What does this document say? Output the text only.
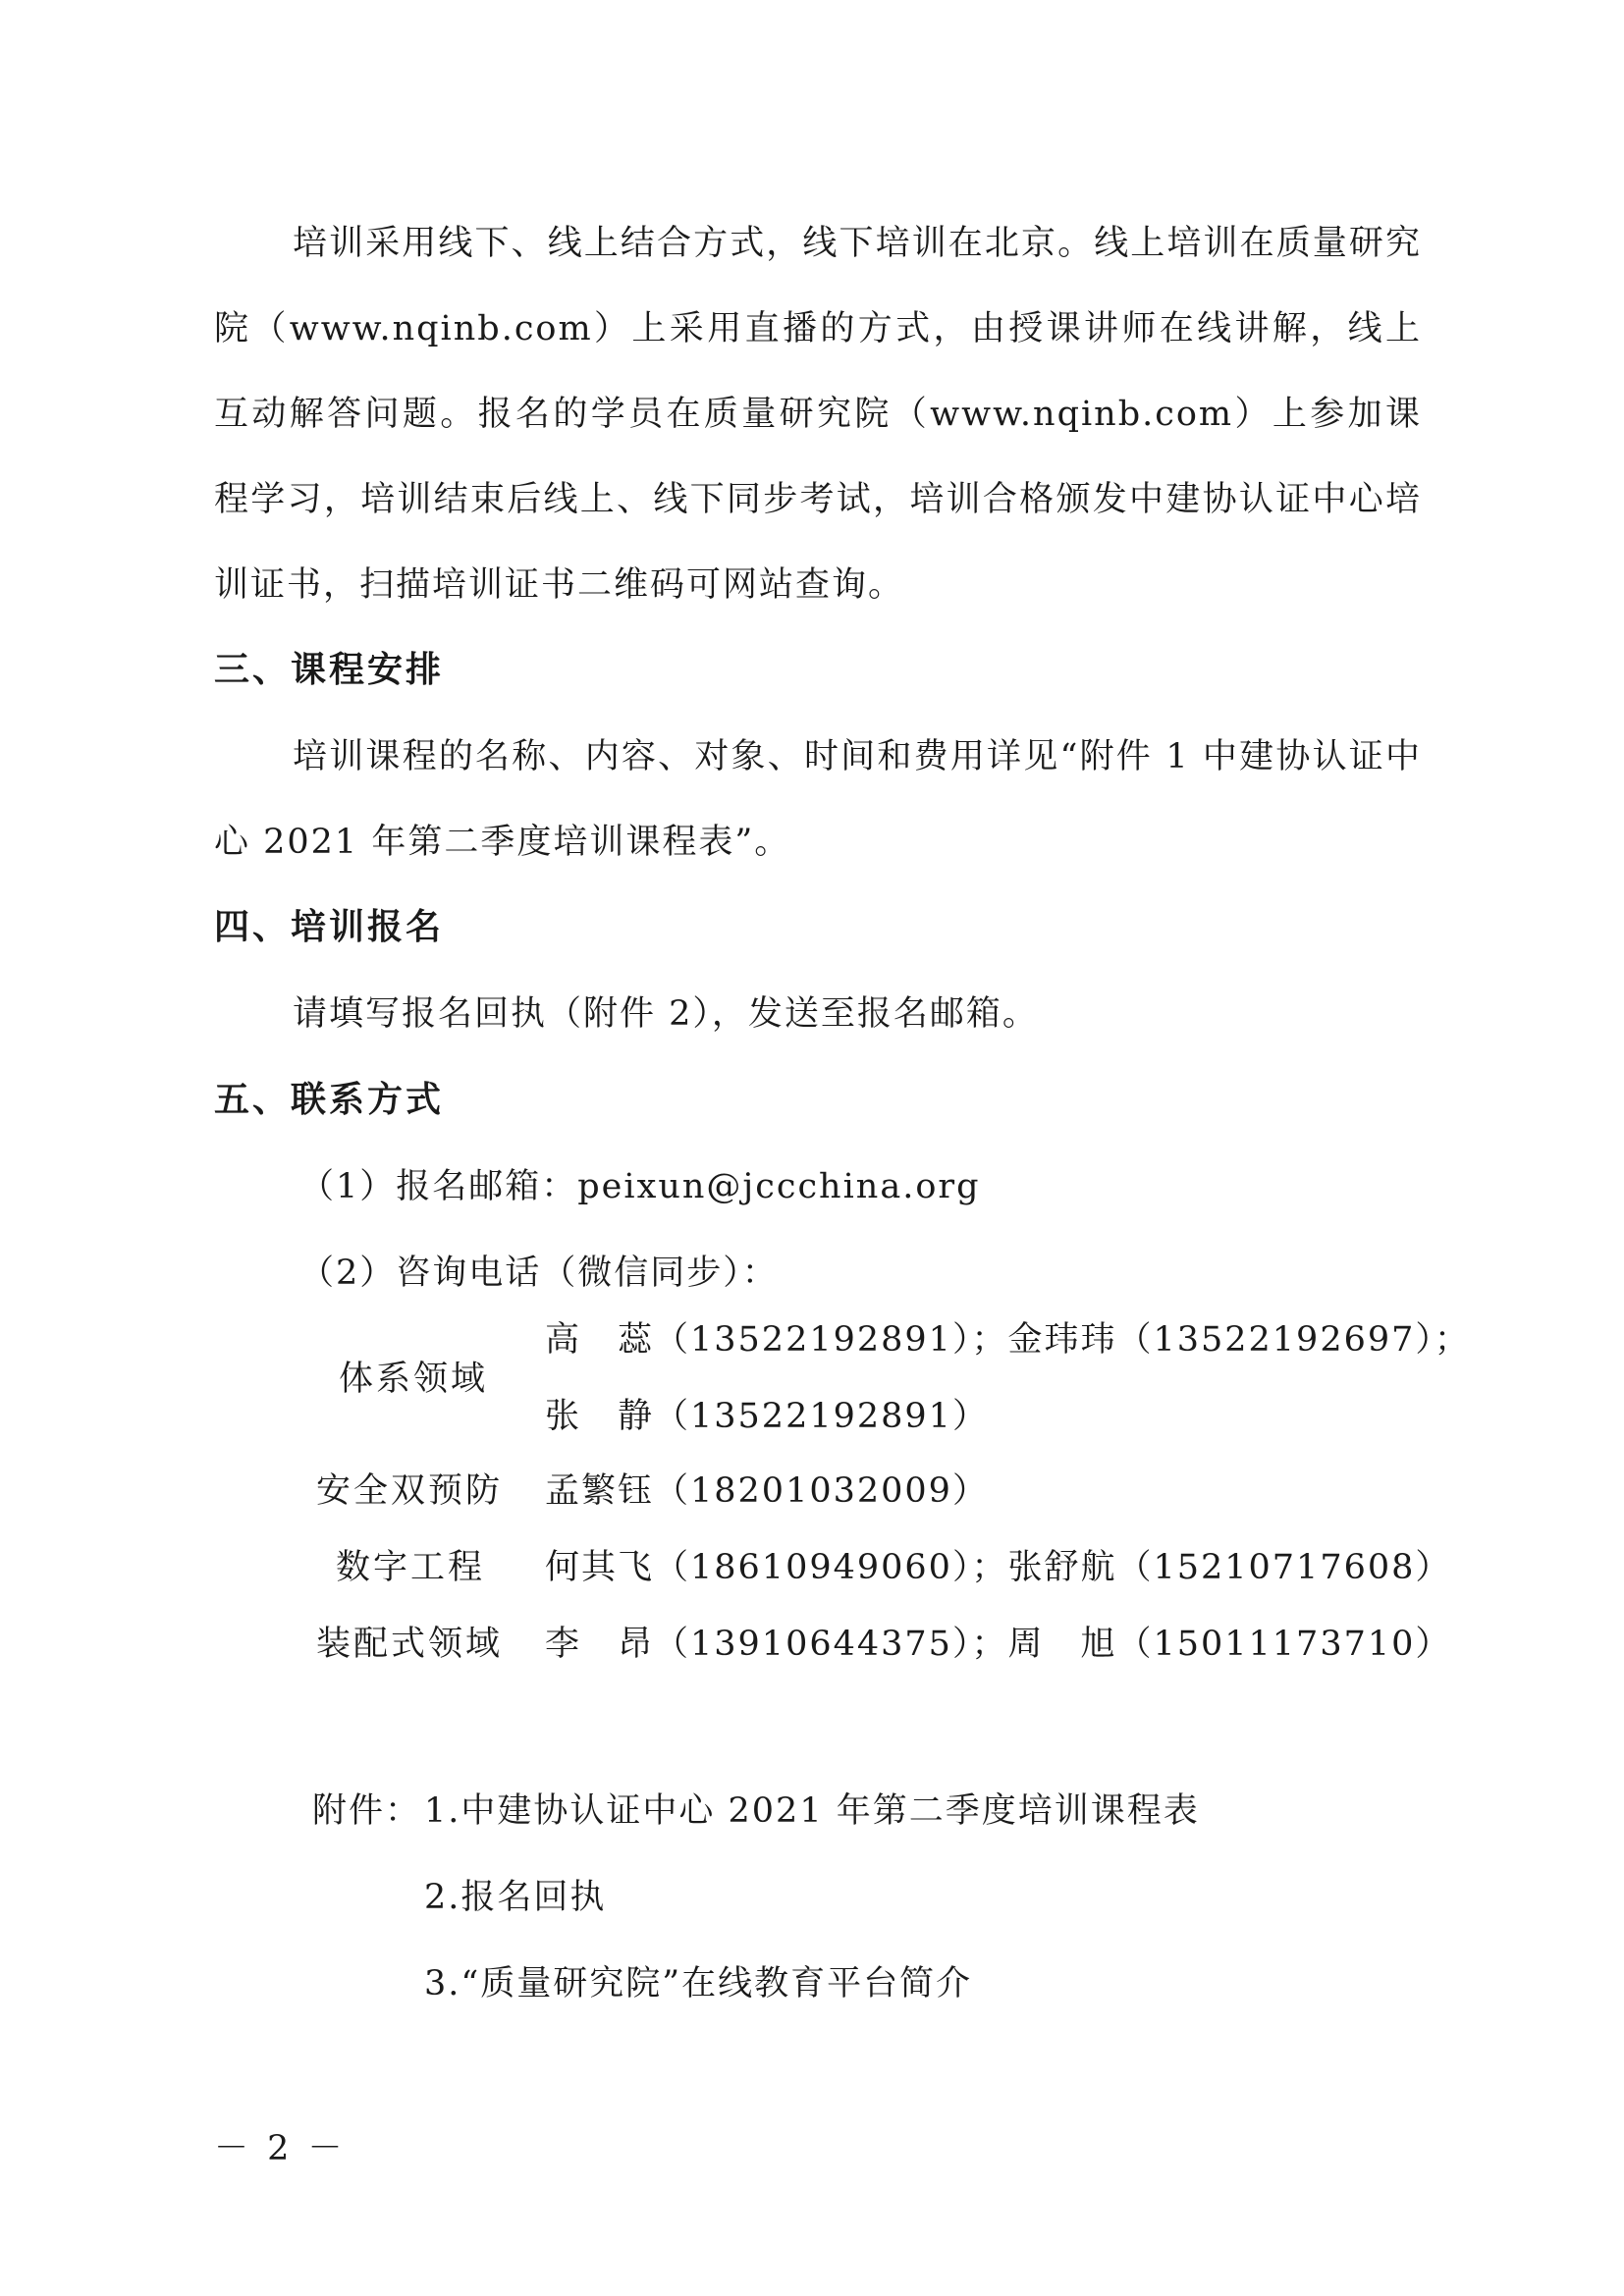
培训采用线下、线上结合方式，线下培训在北京。线上培训在质量研究院（www.nqinb.com）上采用直播的方式，由授课讲师在线讲解，线上互动解答问题。报名的学员在质量研究院（www.nqinb.com）上参加课程学习，培训结束后线上、线下同步考试，培训合格颁发中建协认证中心培训证书，扫描培训证书二维码可网站查询。

三、课程安排

培训课程的名称、内容、对象、时间和费用详见“附件 1 中建协认证中心 2021 年第二季度培训课程表”。

四、培训报名
请填写报名回执（附件 2），发送至报名邮箱。
五、联系方式
（1）报名邮箱：peixun@jccchina.org
（2）咨询电话（微信同步）：
体系领域
高　蕊（13522192891）；金玮玮（13522192697）；
张　静（13522192891）
安全双预防 孟繁钰（18201032009）
数字工程 何其飞（18610949060）；张舒航（15210717608）
装配式领域 李　昂（13910644375）；周　旭（15011173710）
附件： 1.中建协认证中心 2021 年第二季度培训课程表
2.报名回执
3.“质量研究院”在线教育平台简介
－ 2 －
